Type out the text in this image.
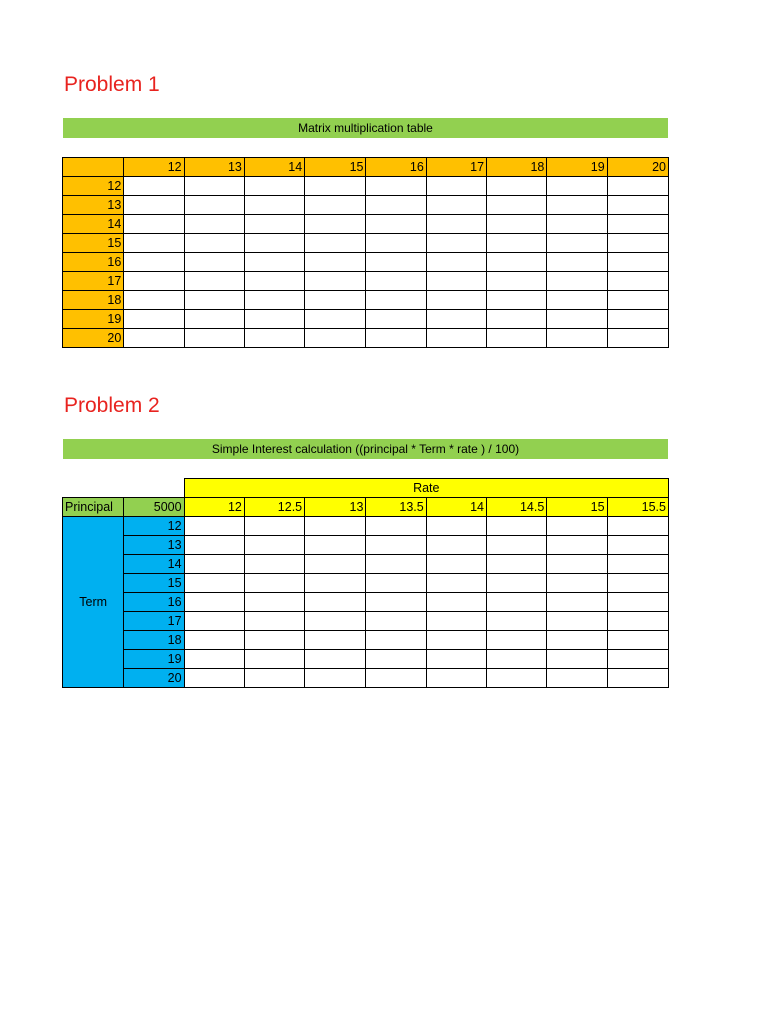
Problem 1
Matrix multiplication table
	12	13	14	15	16	17	18	19	20
12									
13									
14									
15									
16									
17									
18									
19									
20									
Problem 2
Simple Interest calculation ((principal * Term * rate ) / 100)
		Rate							
Principal	5000	12	12.5	13	13.5	14	14.5	15	15.5
Term	12								
	13								
	14								
	15								
	16								
	17								
	18								
	19								
	20								
